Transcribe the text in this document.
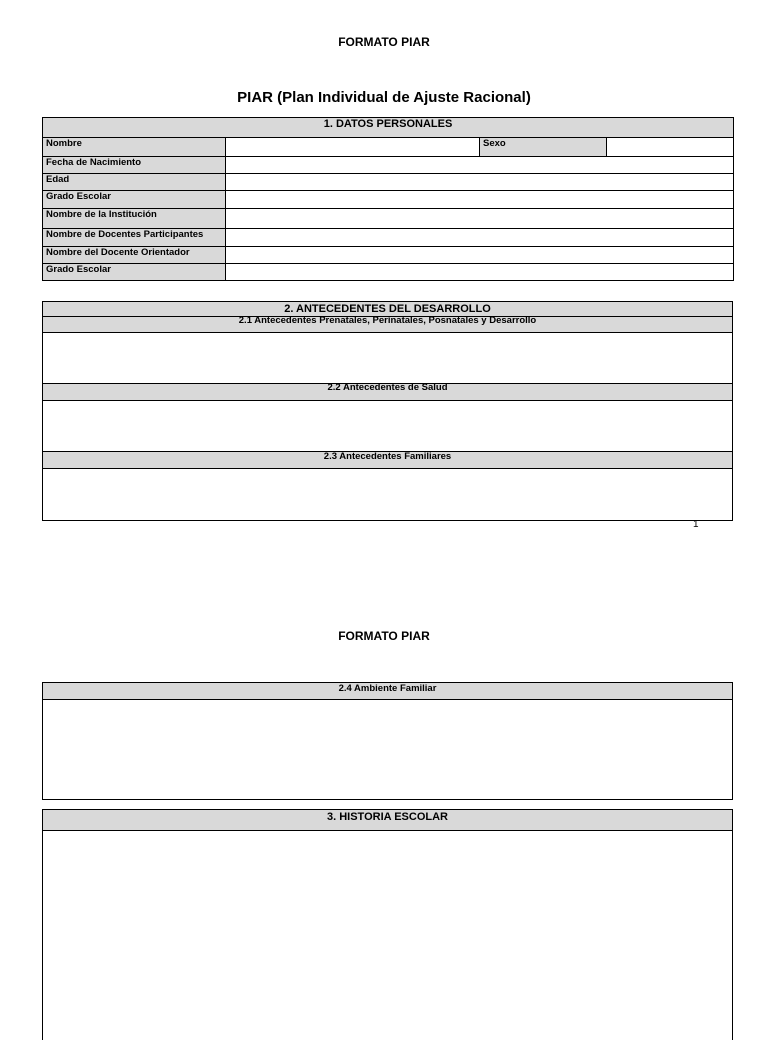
FORMATO PIAR
PIAR (Plan Individual de Ajuste Racional)
1. DATOS PERSONALES			
Nombre		Sexo	
Fecha de Nacimiento			
Edad			
Grado Escolar			
Nombre de la Institución			
Nombre de Docentes Participantes			
Nombre del Docente Orientador			
Grado Escolar			
2. ANTECEDENTES DEL DESARROLLO
2.1 Antecedentes Prenatales, Perinatales, Posnatales y Desarrollo
2.2 Antecedentes de Salud
2.3 Antecedentes Familiares
1
FORMATO PIAR
2.4 Ambiente Familiar
3. HISTORIA ESCOLAR
